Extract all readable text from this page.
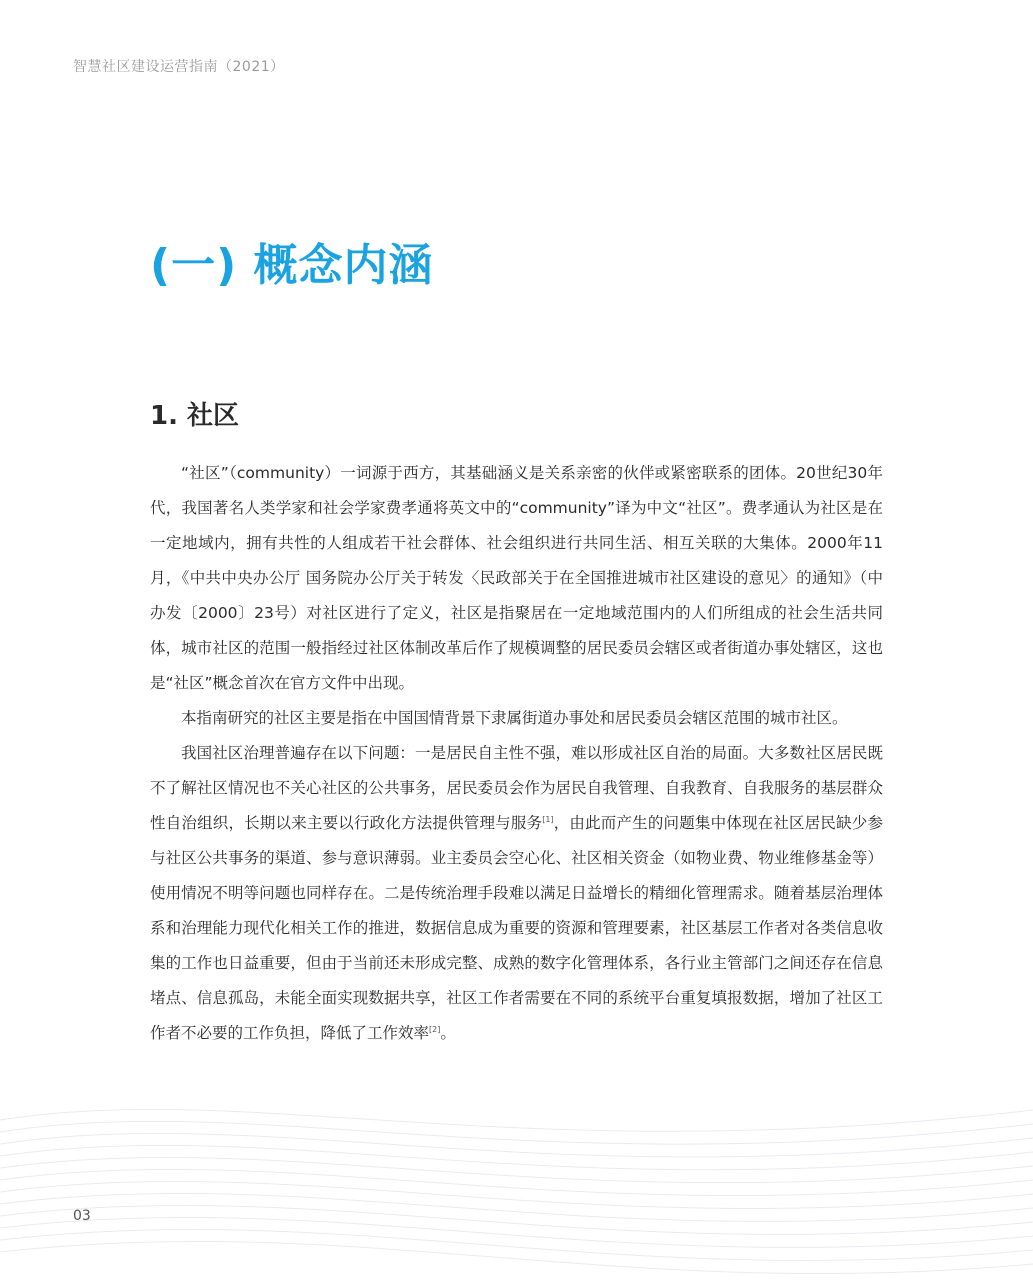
智慧社区建设运营指南（2021）
(一) 概念内涵
1. 社区

“社区”（community）一词源于西方，其基础涵义是关系亲密的伙伴或紧密联系的团体。20世纪30年代，我国著名人类学家和社会学家费孝通将英文中的“community”译为中文“社区”。费孝通认为社区是在一定地域内，拥有共性的人组成若干社会群体、社会组织进行共同生活、相互关联的大集体。2000年11月，《中共中央办公厅 国务院办公厅关于转发〈民政部关于在全国推进城市社区建设的意见〉的通知》（中办发〔2000〕23号）对社区进行了定义，社区是指聚居在一定地域范围内的人们所组成的社会生活共同体，城市社区的范围一般指经过社区体制改革后作了规模调整的居民委员会辖区或者街道办事处辖区，这也是“社区”概念首次在官方文件中出现。

本指南研究的社区主要是指在中国国情背景下隶属街道办事处和居民委员会辖区范围的城市社区。

我国社区治理普遍存在以下问题：一是居民自主性不强，难以形成社区自治的局面。大多数社区居民既不了解社区情况也不关心社区的公共事务，居民委员会作为居民自我管理、自我教育、自我服务的基层群众性自治组织，长期以来主要以行政化方法提供管理与服务[1]，由此而产生的问题集中体现在社区居民缺少参与社区公共事务的渠道、参与意识薄弱。业主委员会空心化、社区相关资金（如物业费、物业维修基金等）使用情况不明等问题也同样存在。二是传统治理手段难以满足日益增长的精细化管理需求。随着基层治理体系和治理能力现代化相关工作的推进，数据信息成为重要的资源和管理要素，社区基层工作者对各类信息收集的工作也日益重要，但由于当前还未形成完整、成熟的数字化管理体系，各行业主管部门之间还存在信息堵点、信息孤岛，未能全面实现数据共享，社区工作者需要在不同的系统平台重复填报数据，增加了社区工作者不必要的工作负担，降低了工作效率[2]。

03
